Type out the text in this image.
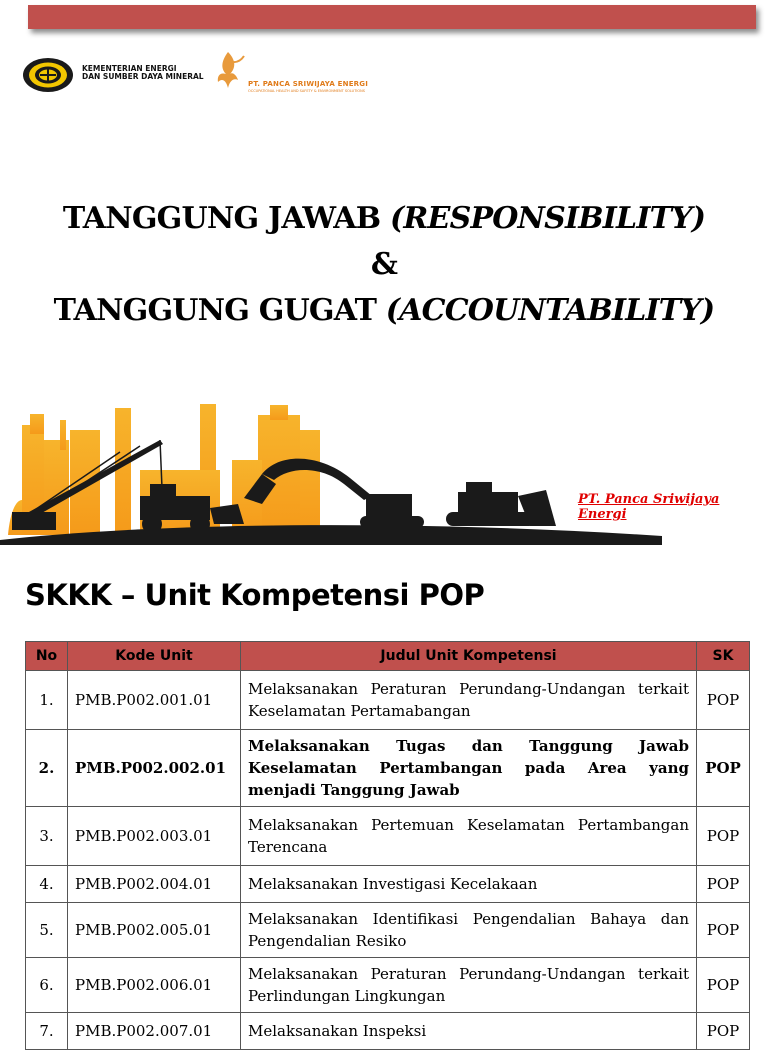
KEMENTERIAN ENERGI
DAN SUMBER DAYA MINERAL
PT. PANCA SRIWIJAYA ENERGI
OCCUPATIONAL HEALTH AND SAFETY & ENVIRONMENT SOLUTIONS
TANGGUNG JAWAB (RESPONSIBILITY)
&
TANGGUNG GUGAT (ACCOUNTABILITY)
PT. Panca Sriwijaya Energi
SKKK – Unit Kompetensi POP
No	Kode Unit	Judul Unit Kompetensi	SK
1.	PMB.P002.001.01	Melaksanakan Peraturan Perundang-Undangan terkait Keselamatan Pertamabangan	POP
2.	PMB.P002.002.01	Melaksanakan Tugas dan Tanggung Jawab Keselamatan Pertambangan pada Area yang menjadi Tanggung Jawab	POP
3.	PMB.P002.003.01	Melaksanakan Pertemuan Keselamatan Pertambangan Terencana	POP
4.	PMB.P002.004.01	Melaksanakan Investigasi Kecelakaan	POP
5.	PMB.P002.005.01	Melaksanakan Identifikasi Pengendalian Bahaya dan Pengendalian Resiko	POP
6.	PMB.P002.006.01	Melaksanakan Peraturan Perundang-Undangan terkait Perlindungan Lingkungan	POP
7.	PMB.P002.007.01	Melaksanakan Inspeksi	POP
